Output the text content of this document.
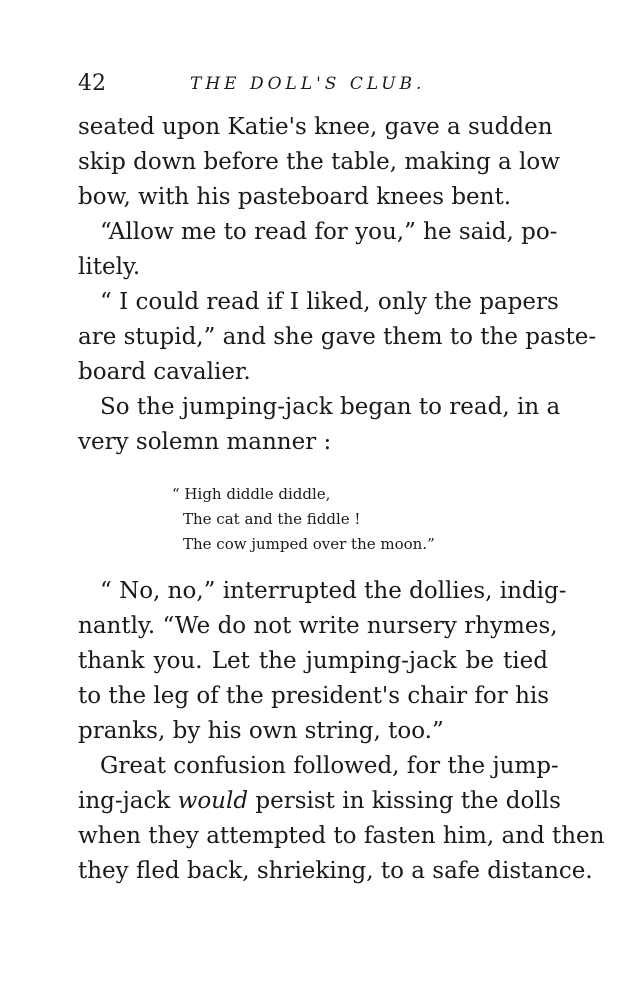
42	THE DOLL'S CLUB.
seated upon Katie's knee, gave a sudden
skip down before the table, making a low
bow, with his pasteboard knees bent.
“Allow me to read for you,” he said, po-
litely.
“ I could read if I liked, only the papers
are stupid,” and she gave them to the paste-
board cavalier.
So the jumping-jack began to read, in a
very solemn manner :
“ High diddle diddle,
The cat and the fiddle !
The cow jumped over the moon.”
“ No, no,” interrupted the dollies, indig-
nantly. “We do not write nursery rhymes,
thank you. Let the jumping-jack be tied
to the leg of the president's chair for his
pranks, by his own string, too.”
Great confusion followed, for the jump-
ing-jack would persist in kissing the dolls
when they attempted to fasten him, and then
they fled back, shrieking, to a safe distance.
